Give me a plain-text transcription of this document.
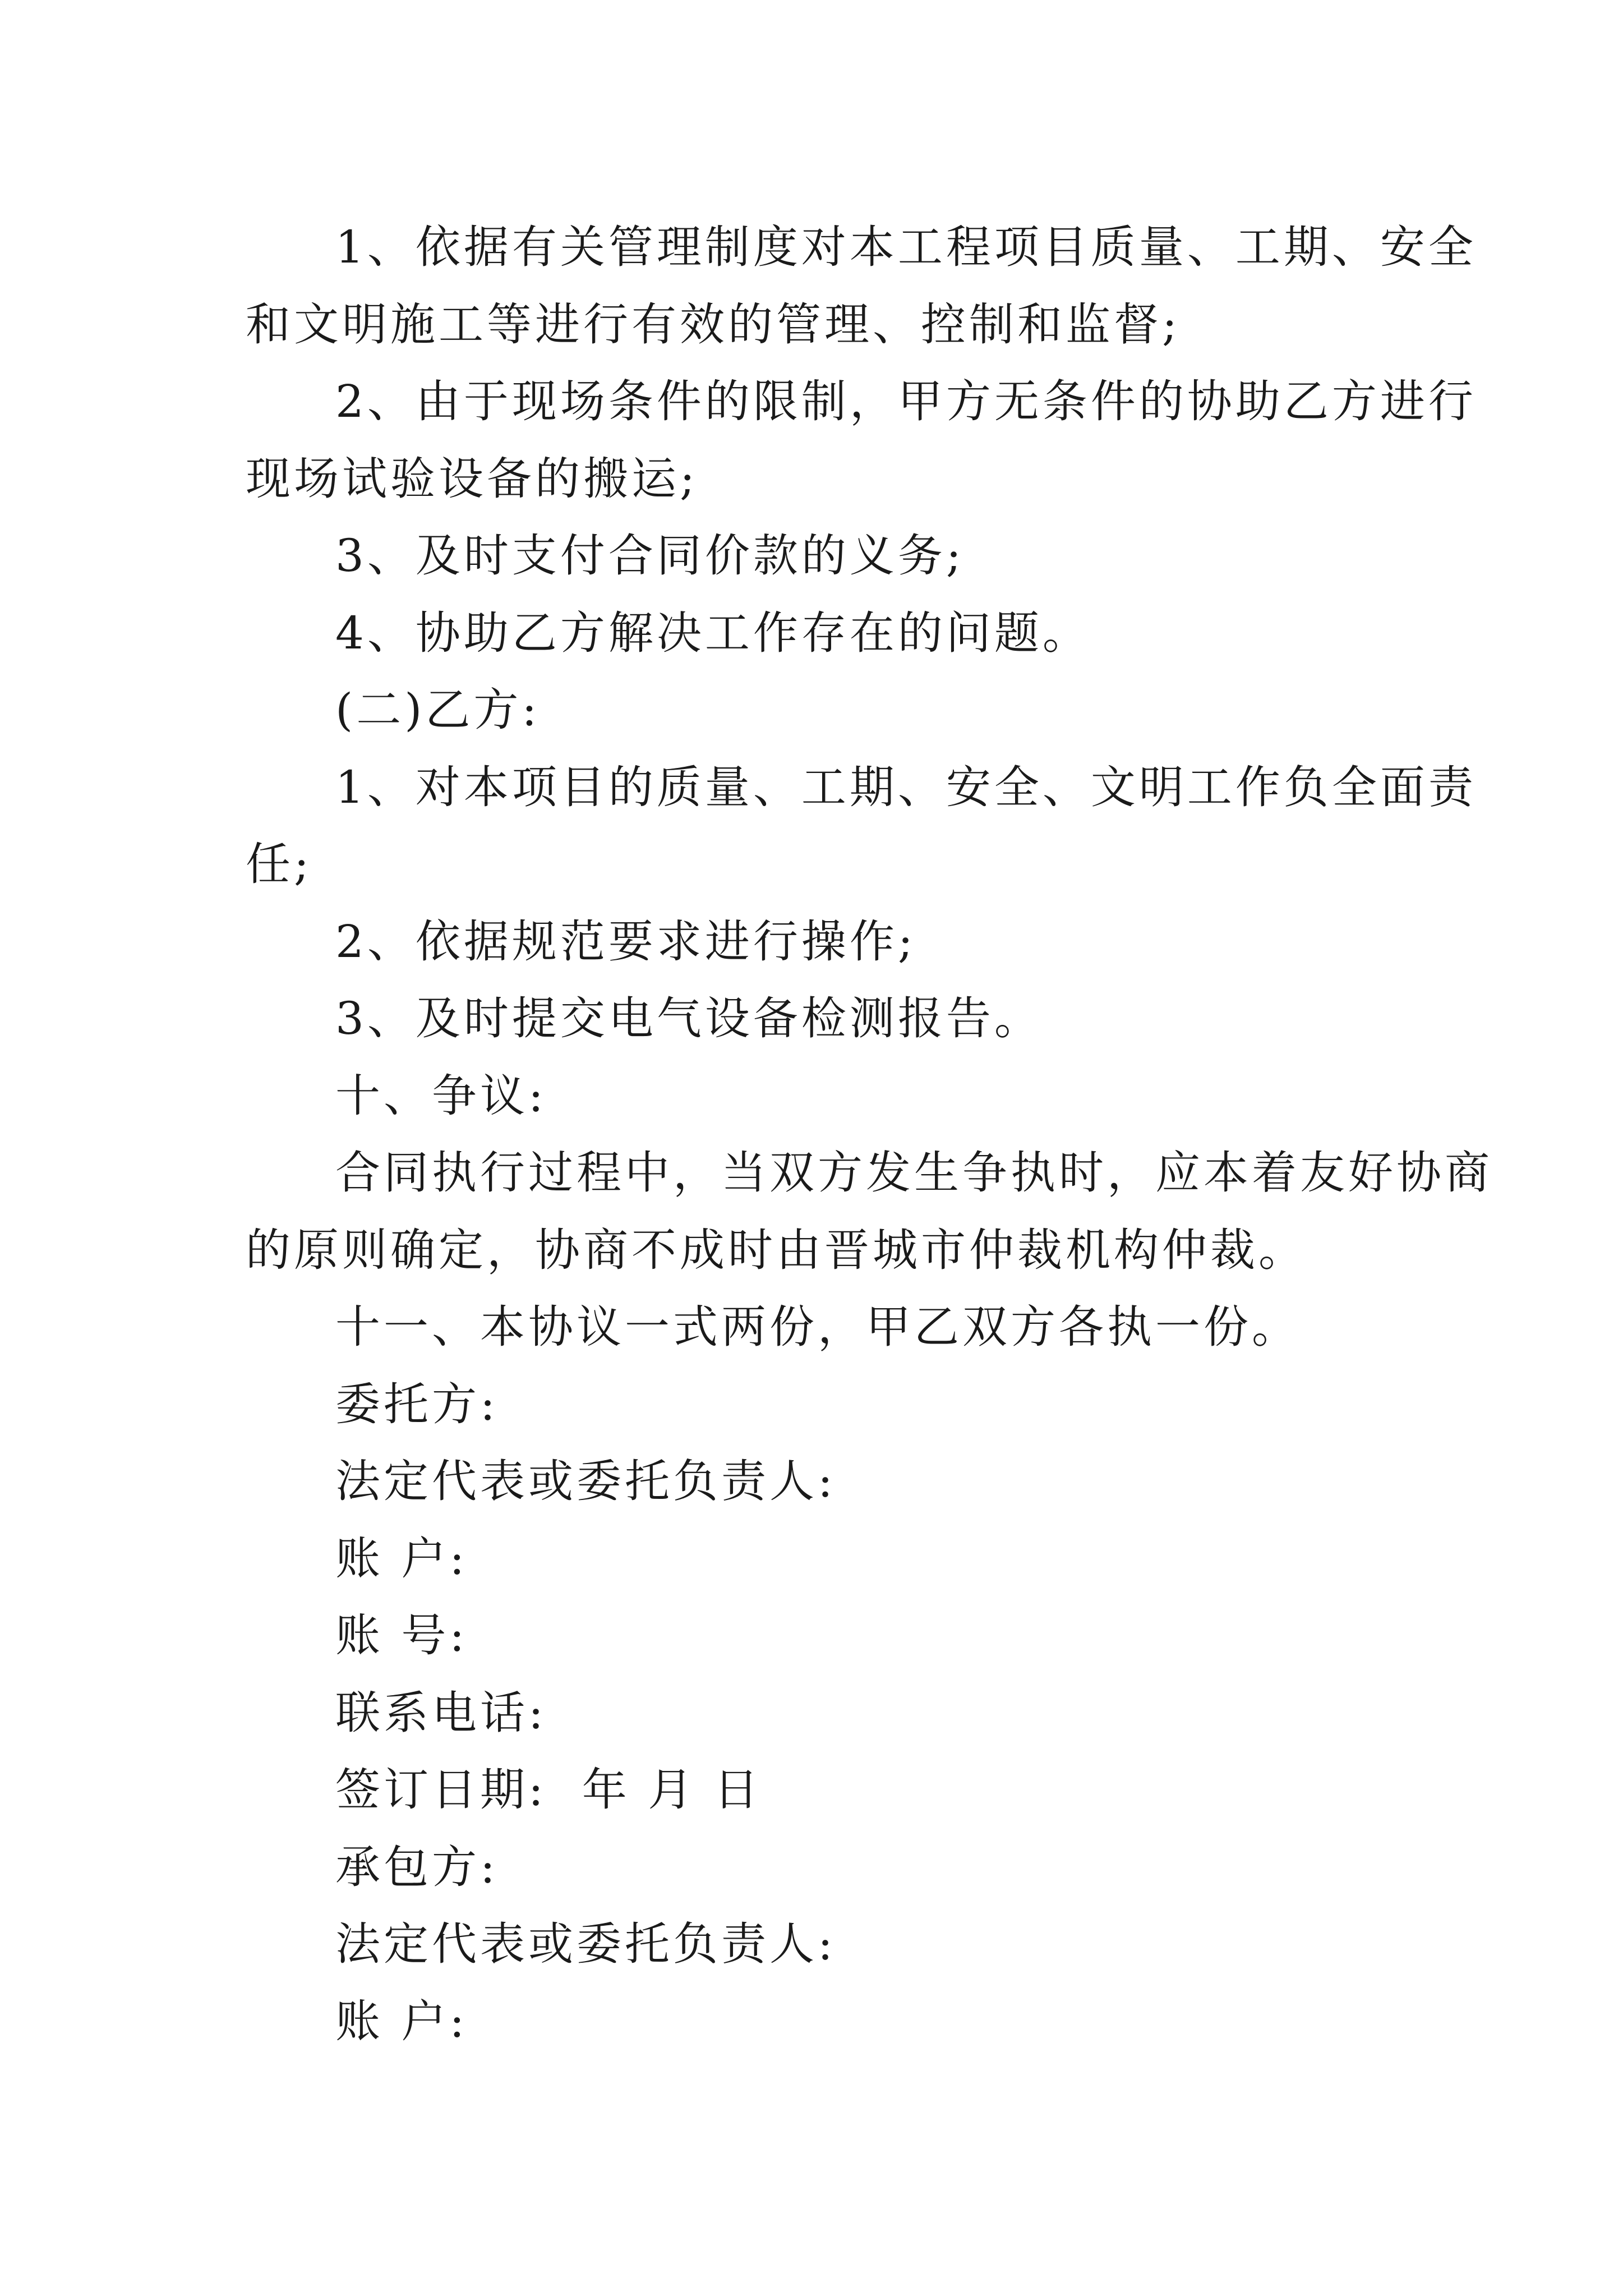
1、依据有关管理制度对本工程项目质量、工期、安全
和文明施工等进行有效的管理、控制和监督;

2、由于现场条件的限制，甲方无条件的协助乙方进行
现场试验设备的搬运;

3、及时支付合同价款的义务;

4、协助乙方解决工作存在的问题。

(二)乙方:

1、对本项目的质量、工期、安全、文明工作负全面责
任;

2、依据规范要求进行操作;

3、及时提交电气设备检测报告。

十、争议:

合同执行过程中，当双方发生争执时，应本着友好协商
的原则确定，协商不成时由晋城市仲裁机构仲裁。

十一、本协议一式两份，甲乙双方各执一份。

委托方:

法定代表或委托负责人:

账 户:

账 号:

联系电话:

签订日期:  年 月 日

承包方:

法定代表或委托负责人:

账 户:
